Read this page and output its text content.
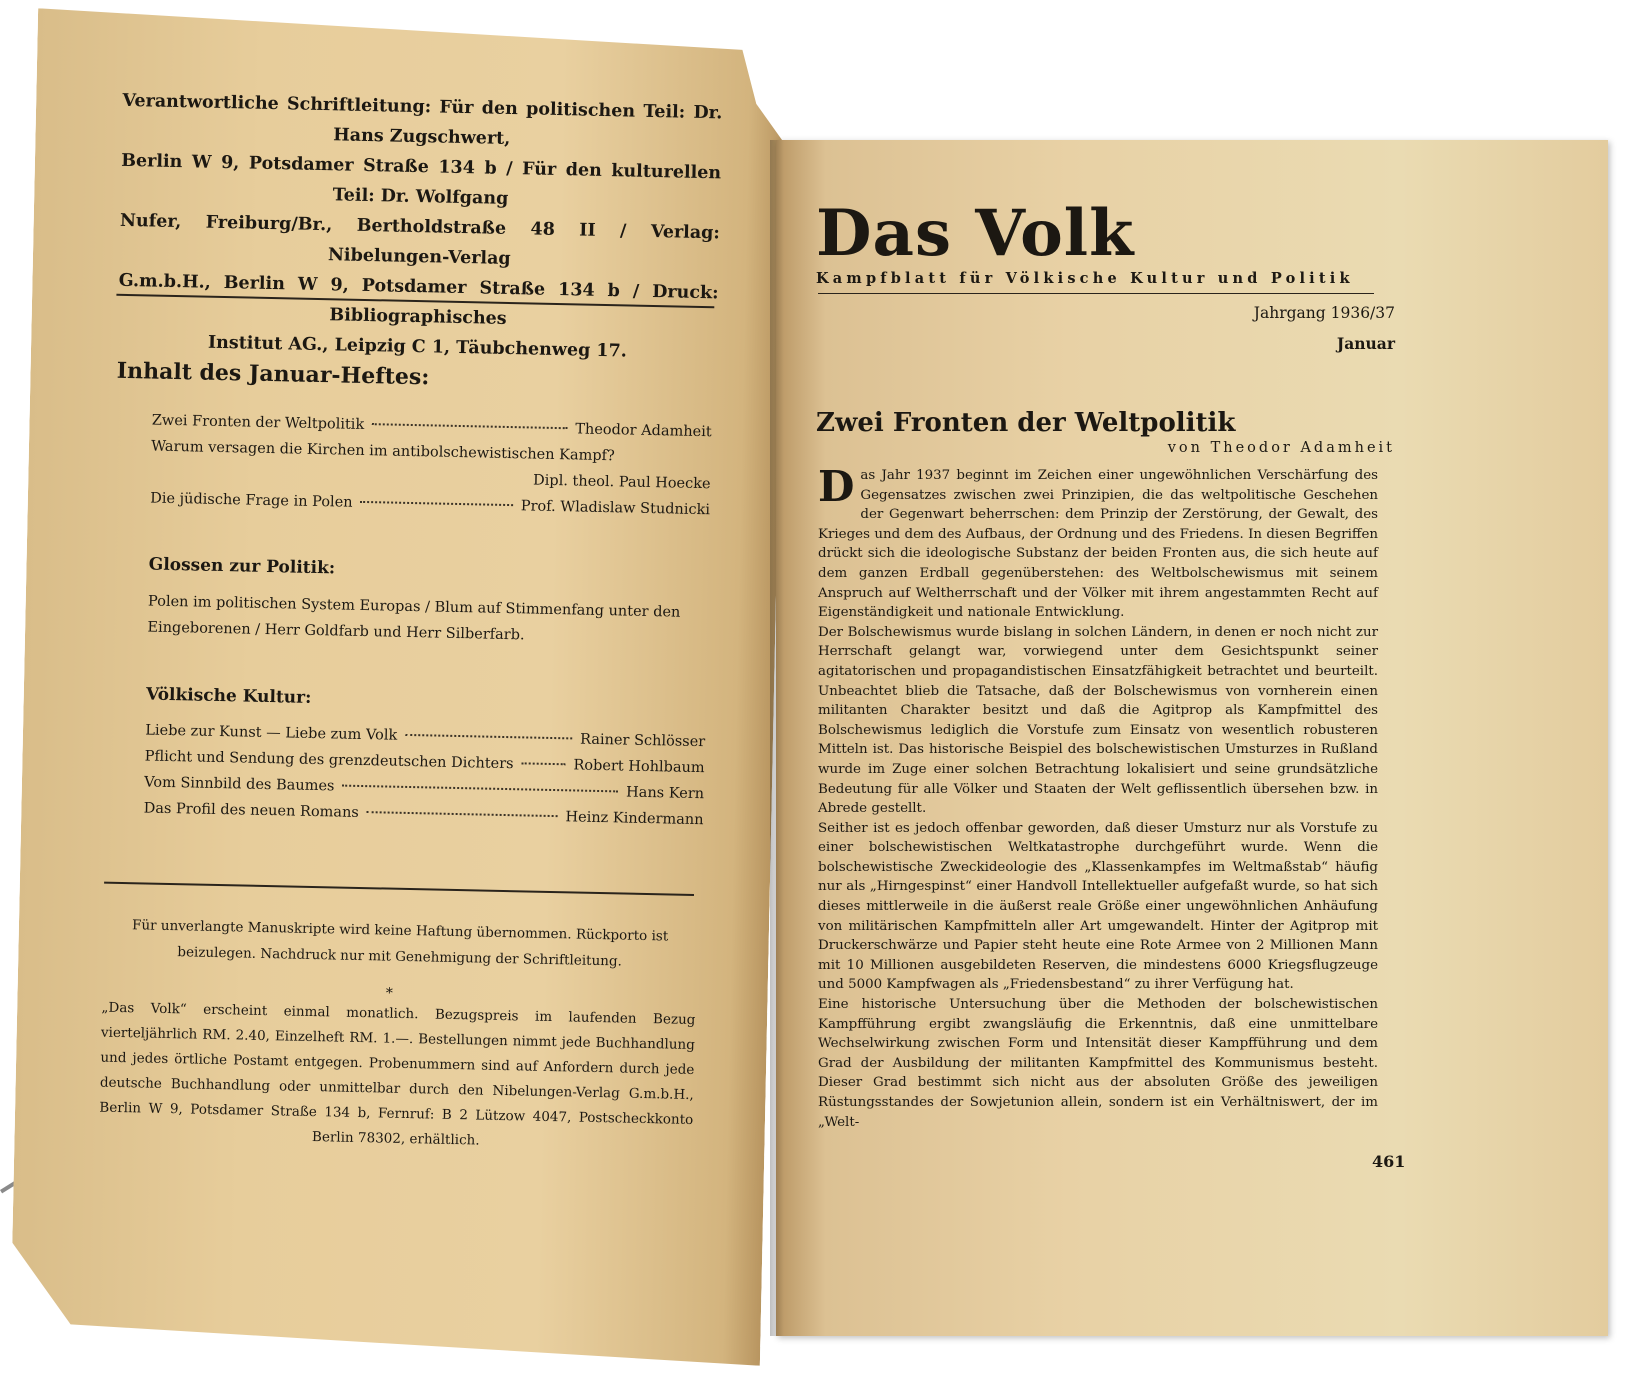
Verantwortliche Schriftleitung: Für den politischen Teil: Dr. Hans Zugschwert,
Berlin W 9, Potsdamer Straße 134 b / Für den kulturellen Teil: Dr. Wolfgang
Nufer, Freiburg/Br., Bertholdstraße 48 II / Verlag: Nibelungen-Verlag
G.m.b.H., Berlin W 9, Potsdamer Straße 134 b / Druck: Bibliographisches
Institut AG., Leipzig C 1, Täubchenweg 17.
Inhalt des Januar-Heftes:
Zwei Fronten der Weltpolitik	Theodor Adamheit
Warum versagen die Kirchen im antibolschewistischen Kampf?
Dipl. theol. Paul Hoecke
Die jüdische Frage in Polen	Prof. Wladislaw Studnicki
Glossen zur Politik:
Polen im politischen System Europas / Blum auf Stimmenfang unter den Eingeborenen / Herr Goldfarb und Herr Silberfarb.
Völkische Kultur:
Liebe zur Kunst — Liebe zum Volk	Rainer Schlösser
Pflicht und Sendung des grenzdeutschen Dichters	Robert Hohlbaum
Vom Sinnbild des Baumes	Hans Kern
Das Profil des neuen Romans	Heinz Kindermann
Für unverlangte Manuskripte wird keine Haftung übernommen. Rückporto ist beizulegen. Nachdruck nur mit Genehmigung der Schriftleitung.
*
„Das Volk“ erscheint einmal monatlich. Bezugspreis im laufenden Bezug vierteljährlich RM. 2.40, Einzelheft RM. 1.—. Bestellungen nimmt jede Buchhandlung und jedes örtliche Postamt entgegen. Probenummern sind auf Anfordern durch jede deutsche Buchhandlung oder unmittelbar durch den Nibelungen-Verlag G.m.b.H., Berlin W 9, Potsdamer Straße 134 b, Fernruf: B 2 Lützow 4047, Postscheckkonto Berlin 78302, erhältlich.
Das Volk
Kampfblatt für Völkische Kultur und Politik
Jahrgang 1936/37
Januar
Zwei Fronten der Weltpolitik
von Theodor Adamheit

Das Jahr 1937 beginnt im Zeichen einer ungewöhnlichen Verschärfung des Gegensatzes zwischen zwei Prinzipien, die das weltpolitische Geschehen der Gegenwart beherrschen: dem Prinzip der Zerstörung, der Gewalt, des Krieges und dem des Aufbaus, der Ordnung und des Friedens. In diesen Begriffen drückt sich die ideologische Substanz der beiden Fronten aus, die sich heute auf dem ganzen Erdball gegenüberstehen: des Weltbolschewismus mit seinem Anspruch auf Weltherrschaft und der Völker mit ihrem angestammten Recht auf Eigenständigkeit und nationale Entwicklung.

Der Bolschewismus wurde bislang in solchen Ländern, in denen er noch nicht zur Herrschaft gelangt war, vorwiegend unter dem Gesichtspunkt seiner agitatorischen und propagandistischen Einsatzfähigkeit betrachtet und beurteilt. Unbeachtet blieb die Tatsache, daß der Bolschewismus von vornherein einen militanten Charakter besitzt und daß die Agitprop als Kampfmittel des Bolschewismus lediglich die Vorstufe zum Einsatz von wesentlich robusteren Mitteln ist. Das historische Beispiel des bolschewistischen Umsturzes in Rußland wurde im Zuge einer solchen Betrachtung lokalisiert und seine grundsätzliche Bedeutung für alle Völker und Staaten der Welt geflissentlich übersehen bzw. in Abrede gestellt.

Seither ist es jedoch offenbar geworden, daß dieser Umsturz nur als Vorstufe zu einer bolschewistischen Weltkatastrophe durchgeführt wurde. Wenn die bolschewistische Zweckideologie des „Klassenkampfes im Weltmaßstab“ häufig nur als „Hirngespinst“ einer Handvoll Intellektueller aufgefaßt wurde, so hat sich dieses mittlerweile in die äußerst reale Größe einer ungewöhnlichen Anhäufung von militärischen Kampfmitteln aller Art umgewandelt. Hinter der Agitprop mit Druckerschwärze und Papier steht heute eine Rote Armee von 2 Millionen Mann mit 10 Millionen ausgebildeten Reserven, die mindestens 6000 Kriegsflugzeuge und 5000 Kampfwagen als „Friedensbestand“ zu ihrer Verfügung hat.

Eine historische Untersuchung über die Methoden der bolschewistischen Kampfführung ergibt zwangsläufig die Erkenntnis, daß eine unmittelbare Wechselwirkung zwischen Form und Intensität dieser Kampfführung und dem Grad der Ausbildung der militanten Kampfmittel des Kommunismus besteht. Dieser Grad bestimmt sich nicht aus der absoluten Größe des jeweiligen Rüstungsstandes der Sowjetunion allein, sondern ist ein Verhältniswert, der im „Welt-

461
